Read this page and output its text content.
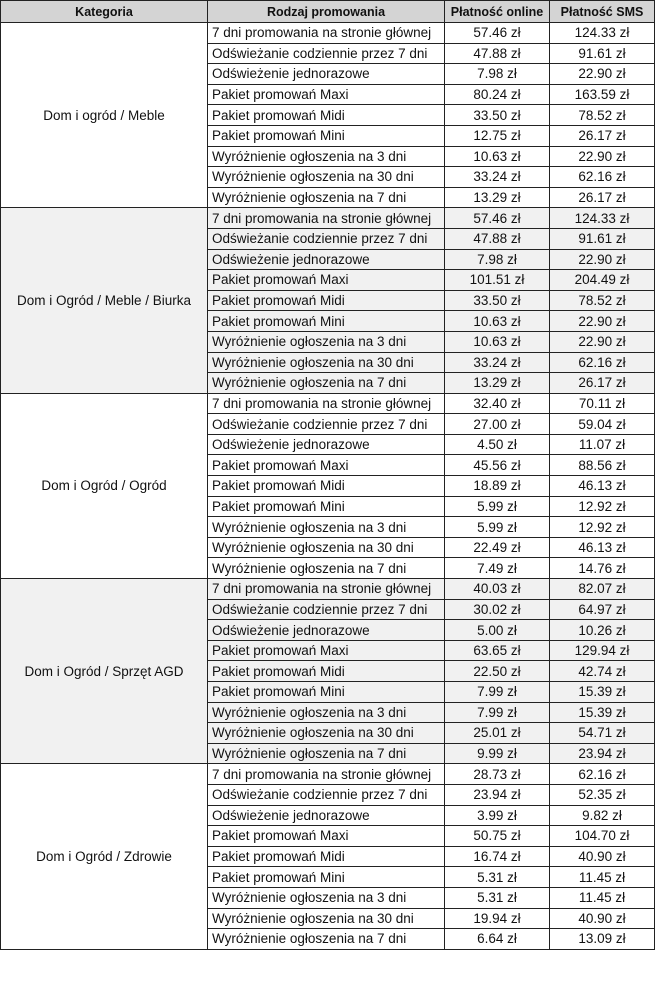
Kategoria	Rodzaj promowania	Płatność online	Płatność SMS
Dom i ogród / Meble	7 dni promowania na stronie głównej	57.46 zł	124.33 zł
	Odświeżanie codziennie przez 7 dni	47.88 zł	91.61 zł
	Odświeżenie jednorazowe	7.98 zł	22.90 zł
	Pakiet promowań Maxi	80.24 zł	163.59 zł
	Pakiet promowań Midi	33.50 zł	78.52 zł
	Pakiet promowań Mini	12.75 zł	26.17 zł
	Wyróżnienie ogłoszenia na 3 dni	10.63 zł	22.90 zł
	Wyróżnienie ogłoszenia na 30 dni	33.24 zł	62.16 zł
	Wyróżnienie ogłoszenia na 7 dni	13.29 zł	26.17 zł
Dom i Ogród / Meble / Biurka	7 dni promowania na stronie głównej	57.46 zł	124.33 zł
	Odświeżanie codziennie przez 7 dni	47.88 zł	91.61 zł
	Odświeżenie jednorazowe	7.98 zł	22.90 zł
	Pakiet promowań Maxi	101.51 zł	204.49 zł
	Pakiet promowań Midi	33.50 zł	78.52 zł
	Pakiet promowań Mini	10.63 zł	22.90 zł
	Wyróżnienie ogłoszenia na 3 dni	10.63 zł	22.90 zł
	Wyróżnienie ogłoszenia na 30 dni	33.24 zł	62.16 zł
	Wyróżnienie ogłoszenia na 7 dni	13.29 zł	26.17 zł
Dom i Ogród / Ogród	7 dni promowania na stronie głównej	32.40 zł	70.11 zł
	Odświeżanie codziennie przez 7 dni	27.00 zł	59.04 zł
	Odświeżenie jednorazowe	4.50 zł	11.07 zł
	Pakiet promowań Maxi	45.56 zł	88.56 zł
	Pakiet promowań Midi	18.89 zł	46.13 zł
	Pakiet promowań Mini	5.99 zł	12.92 zł
	Wyróżnienie ogłoszenia na 3 dni	5.99 zł	12.92 zł
	Wyróżnienie ogłoszenia na 30 dni	22.49 zł	46.13 zł
	Wyróżnienie ogłoszenia na 7 dni	7.49 zł	14.76 zł
Dom i Ogród / Sprzęt AGD	7 dni promowania na stronie głównej	40.03 zł	82.07 zł
	Odświeżanie codziennie przez 7 dni	30.02 zł	64.97 zł
	Odświeżenie jednorazowe	5.00 zł	10.26 zł
	Pakiet promowań Maxi	63.65 zł	129.94 zł
	Pakiet promowań Midi	22.50 zł	42.74 zł
	Pakiet promowań Mini	7.99 zł	15.39 zł
	Wyróżnienie ogłoszenia na 3 dni	7.99 zł	15.39 zł
	Wyróżnienie ogłoszenia na 30 dni	25.01 zł	54.71 zł
	Wyróżnienie ogłoszenia na 7 dni	9.99 zł	23.94 zł
Dom i Ogród / Zdrowie	7 dni promowania na stronie głównej	28.73 zł	62.16 zł
	Odświeżanie codziennie przez 7 dni	23.94 zł	52.35 zł
	Odświeżenie jednorazowe	3.99 zł	9.82 zł
	Pakiet promowań Maxi	50.75 zł	104.70 zł
	Pakiet promowań Midi	16.74 zł	40.90 zł
	Pakiet promowań Mini	5.31 zł	11.45 zł
	Wyróżnienie ogłoszenia na 3 dni	5.31 zł	11.45 zł
	Wyróżnienie ogłoszenia na 30 dni	19.94 zł	40.90 zł
	Wyróżnienie ogłoszenia na 7 dni	6.64 zł	13.09 zł
